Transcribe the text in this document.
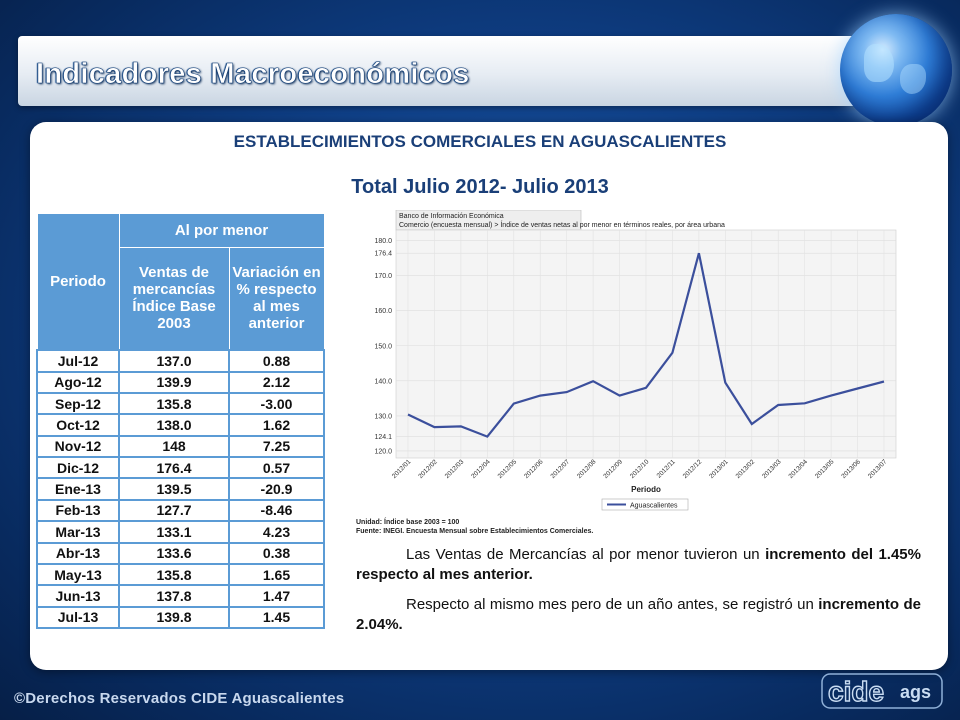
Indicadores Macroeconómicos
ESTABLECIMIENTOS COMERCIALES EN AGUASCALIENTES
Total Julio 2012- Julio 2013
Periodo	Al por menor	
	Ventas de mercancías Índice Base 2003	Variación en % respecto al mes anterior
Jul-12	137.0	0.88
Ago-12	139.9	2.12
Sep-12	135.8	-3.00
Oct-12	138.0	1.62
Nov-12	148	7.25
Dic-12	176.4	0.57
Ene-13	139.5	-20.9
Feb-13	127.7	-8.46
Mar-13	133.1	4.23
Abr-13	133.6	0.38
May-13	135.8	1.65
Jun-13	137.8	1.47
Jul-13	139.8	1.45
Banco de Información Económica
Comercio (encuesta mensual) > Índice de ventas netas al por menor en términos reales, por área urbana
180.0
176.4
170.0
160.0
150.0
140.0
130.0
124.1
120.0
2012/01 2012/02 2012/03 2012/04 2012/05 2012/06 2012/07 2012/08 2012/09 2012/10 2012/11 2012/12 2013/01 2013/02 2013/03 2013/04 2013/05 2013/06 2013/07
Periodo
Aguascalientes
Unidad: Índice base 2003 = 100
Fuente: INEGI. Encuesta Mensual sobre Establecimientos Comerciales.

Las Ventas de Mercancías al por menor tuvieron un incremento del 1.45% respecto al mes anterior.

Respecto al mismo mes pero de un año antes, se registró un incremento de 2.04%.

©Derechos Reservados CIDE Aguascalientes	cide ags
